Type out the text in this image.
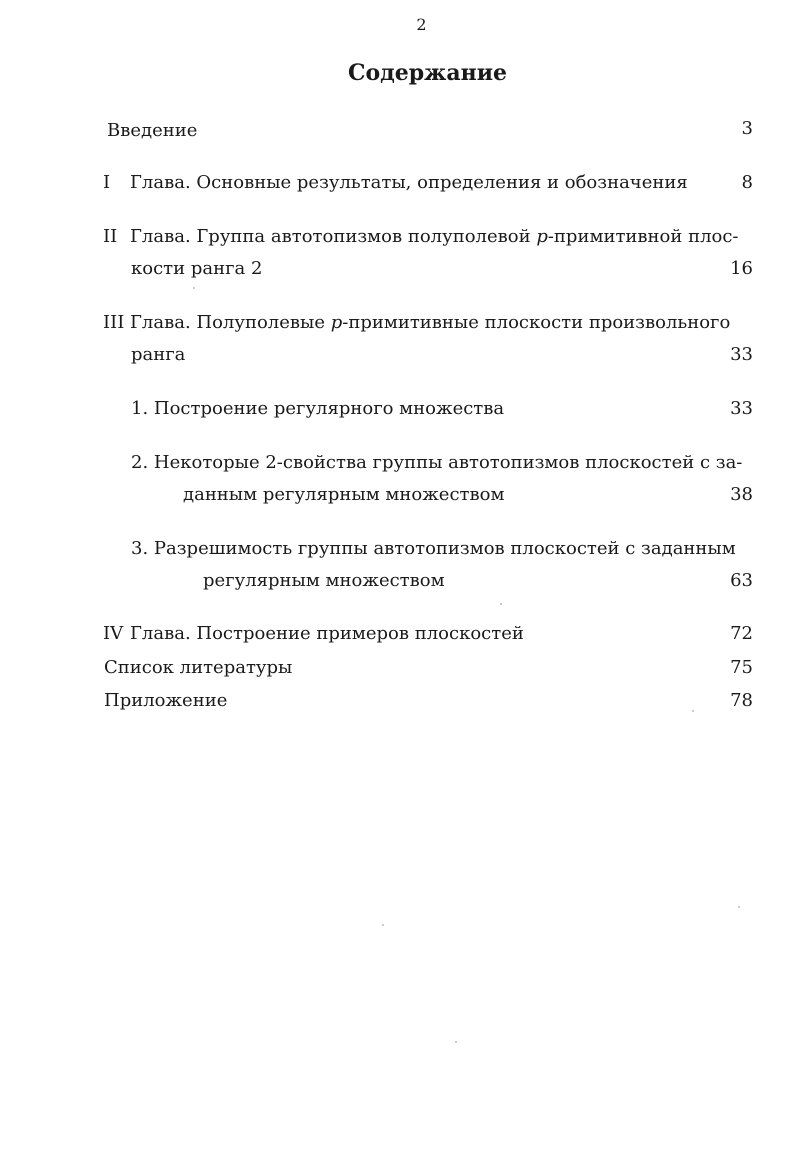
2
Содержание
Введение	3
I Глава. Основные результаты, определения и обозначения	8
II Глава. Группа автотопизмов полуполевой p-примитивной плос-
кости ранга 2	16
III Глава. Полуполевые p-примитивные плоскости произвольного
ранга	33
1. Построение регулярного множества	33
2. Некоторые 2-свойства группы автотопизмов плоскостей с за-
данным регулярным множеством	38
3. Разрешимость группы автотопизмов плоскостей с заданным
регулярным множеством	63
IV Глава. Построение примеров плоскостей	72
Список литературы	75
Приложение	78
